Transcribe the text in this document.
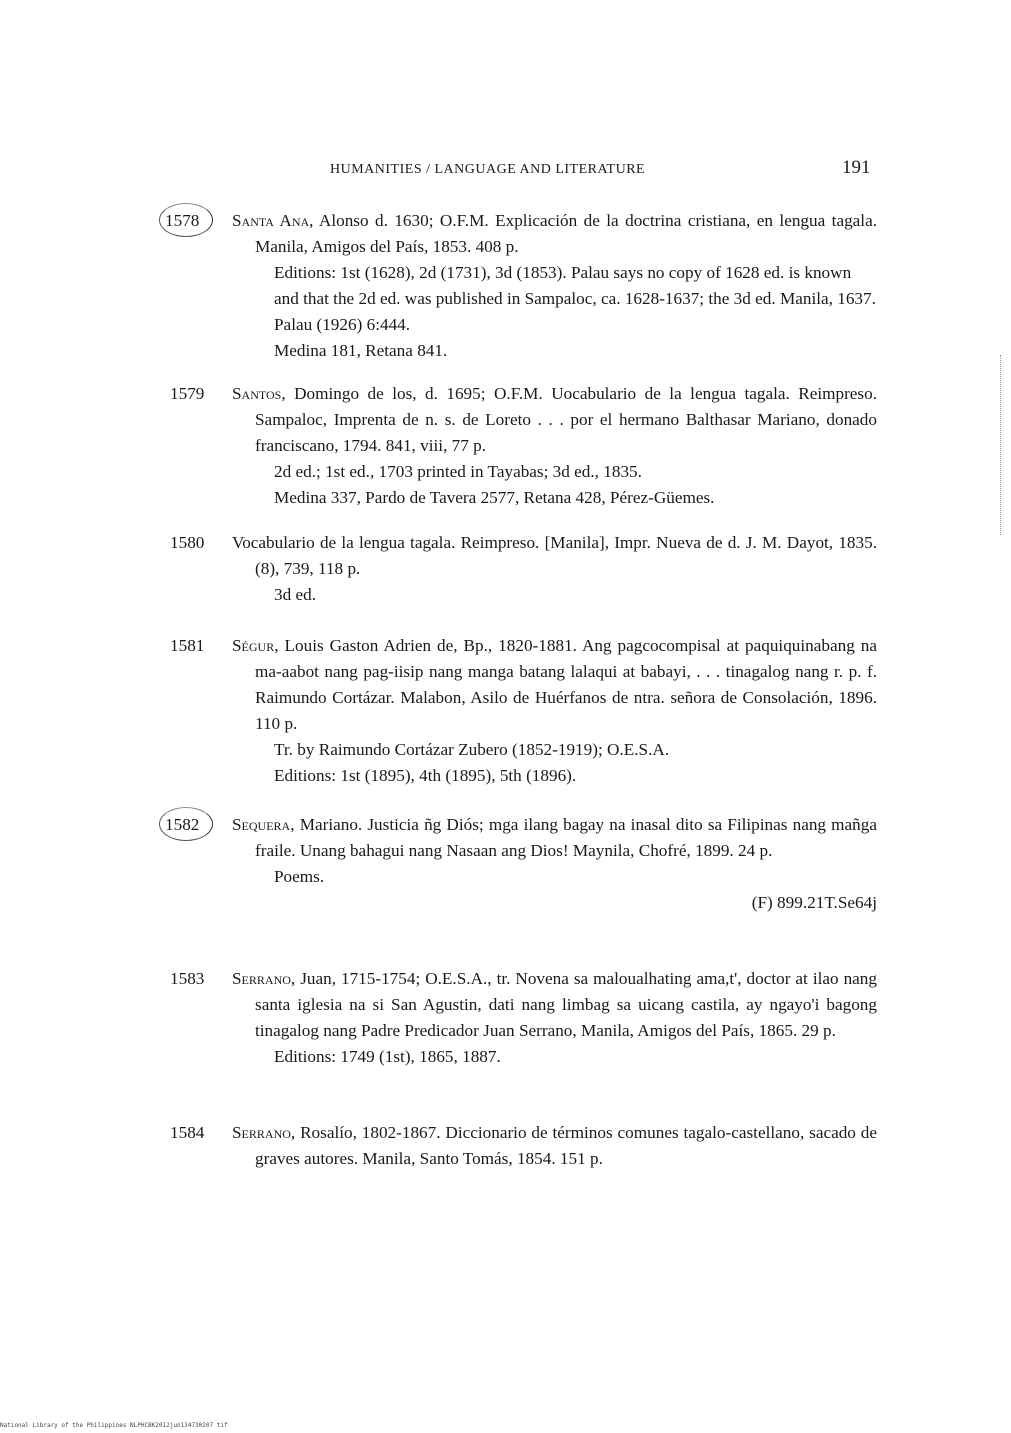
HUMANITIES / LANGUAGE AND LITERATURE	191
1578 Santa Ana, Alonso d. 1630; O.F.M. Explicación de la doctrina cristiana, en lengua tagala. Manila, Amigos del País, 1853. 408 p.

Editions: 1st (1628), 2d (1731), 3d (1853). Palau says no copy of 1628 ed. is known and that the 2d ed. was published in Sampaloc, ca. 1628-1637; the 3d ed. Manila, 1637. Palau (1926) 6:444.

Medina 181, Retana 841.

1579 Santos, Domingo de los, d. 1695; O.F.M. Uocabulario de la lengua tagala. Reimpreso. Sampaloc, Imprenta de n. s. de Loreto . . . por el hermano Balthasar Mariano, donado franciscano, 1794. 841, viii, 77 p.

2d ed.; 1st ed., 1703 printed in Tayabas; 3d ed., 1835.

Medina 337, Pardo de Tavera 2577, Retana 428, Pérez-Güemes.

1580 Vocabulario de la lengua tagala. Reimpreso. [Manila], Impr. Nueva de d. J. M. Dayot, 1835. (8), 739, 118 p.

3d ed.

1581 Ségur, Louis Gaston Adrien de, Bp., 1820-1881. Ang pagcocompisal at paquiquinabang na ma-aabot nang pag-iisip nang manga batang lalaqui at babayi, . . . tinagalog nang r. p. f. Raimundo Cortázar. Malabon, Asilo de Huérfanos de ntra. señora de Consolación, 1896. 110 p.

Tr. by Raimundo Cortázar Zubero (1852-1919); O.E.S.A.

Editions: 1st (1895), 4th (1895), 5th (1896).

1582 Sequera, Mariano. Justicia ñg Diós; mga ilang bagay na inasal dito sa Filipinas nang mañga fraile. Unang bahagui nang Nasaan ang Dios! Maynila, Chofré, 1899. 24 p.

Poems.

(F) 899.21T.Se64j

1583 Serrano, Juan, 1715-1754; O.E.S.A., tr. Novena sa maloualhating ama,t', doctor at ilao nang santa iglesia na si San Agustin, dati nang limbag sa uicang castila, ay ngayo'i bagong tinagalog nang Padre Predicador Juan Serrano, Manila, Amigos del País, 1865. 29 p.

Editions: 1749 (1st), 1865, 1887.

1584 Serrano, Rosalío, 1802-1867. Diccionario de términos comunes tagalo-castellano, sacado de graves autores. Manila, Santo Tomás, 1854. 151 p.

National Library of the Philippines NLPHCBK2012jun134730207 tif
